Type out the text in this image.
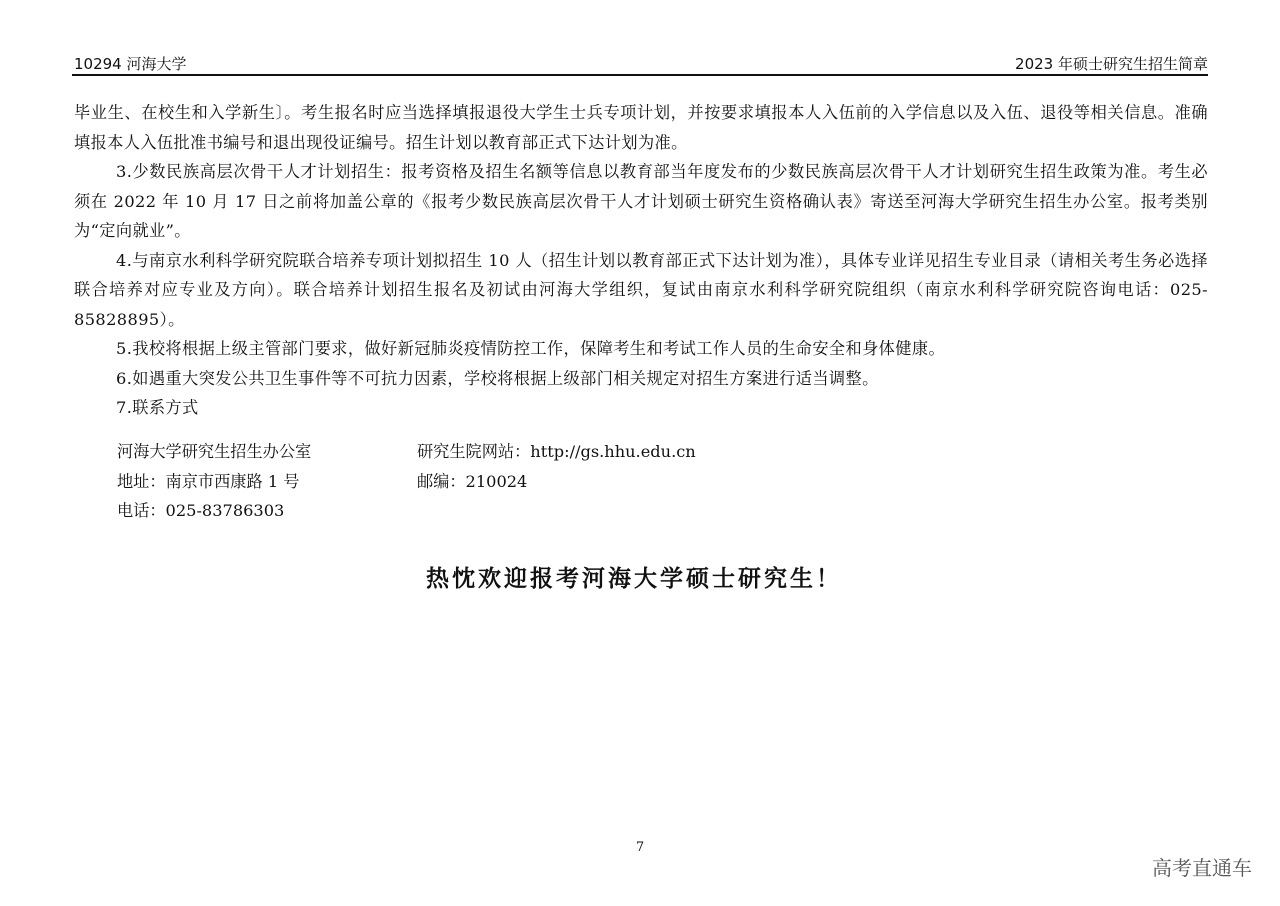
10294 河海大学	2023 年硕士研究生招生简章

毕业生、在校生和入学新生〕。考生报名时应当选择填报退役大学生士兵专项计划，并按要求填报本人入伍前的入学信息以及入伍、退役等相关信息。准确填报本人入伍批准书编号和退出现役证编号。招生计划以教育部正式下达计划为准。

3.少数民族高层次骨干人才计划招生：报考资格及招生名额等信息以教育部当年度发布的少数民族高层次骨干人才计划研究生招生政策为准。考生必须在 2022 年 10 月 17 日之前将加盖公章的《报考少数民族高层次骨干人才计划硕士研究生资格确认表》寄送至河海大学研究生招生办公室。报考类别为“定向就业”。

4.与南京水利科学研究院联合培养专项计划拟招生 10 人（招生计划以教育部正式下达计划为准），具体专业详见招生专业目录（请相关考生务必选择联合培养对应专业及方向）。联合培养计划招生报名及初试由河海大学组织，复试由南京水利科学研究院组织（南京水利科学研究院咨询电话：025-85828895）。

5.我校将根据上级主管部门要求，做好新冠肺炎疫情防控工作，保障考生和考试工作人员的生命安全和身体健康。

6.如遇重大突发公共卫生事件等不可抗力因素，学校将根据上级部门相关规定对招生方案进行适当调整。

7.联系方式

河海大学研究生招生办公室	研究生院网站：http://gs.hhu.edu.cn
地址：南京市西康路 1 号	邮编：210024
电话：025-83786303
热忱欢迎报考河海大学硕士研究生！
7
高考直通车
